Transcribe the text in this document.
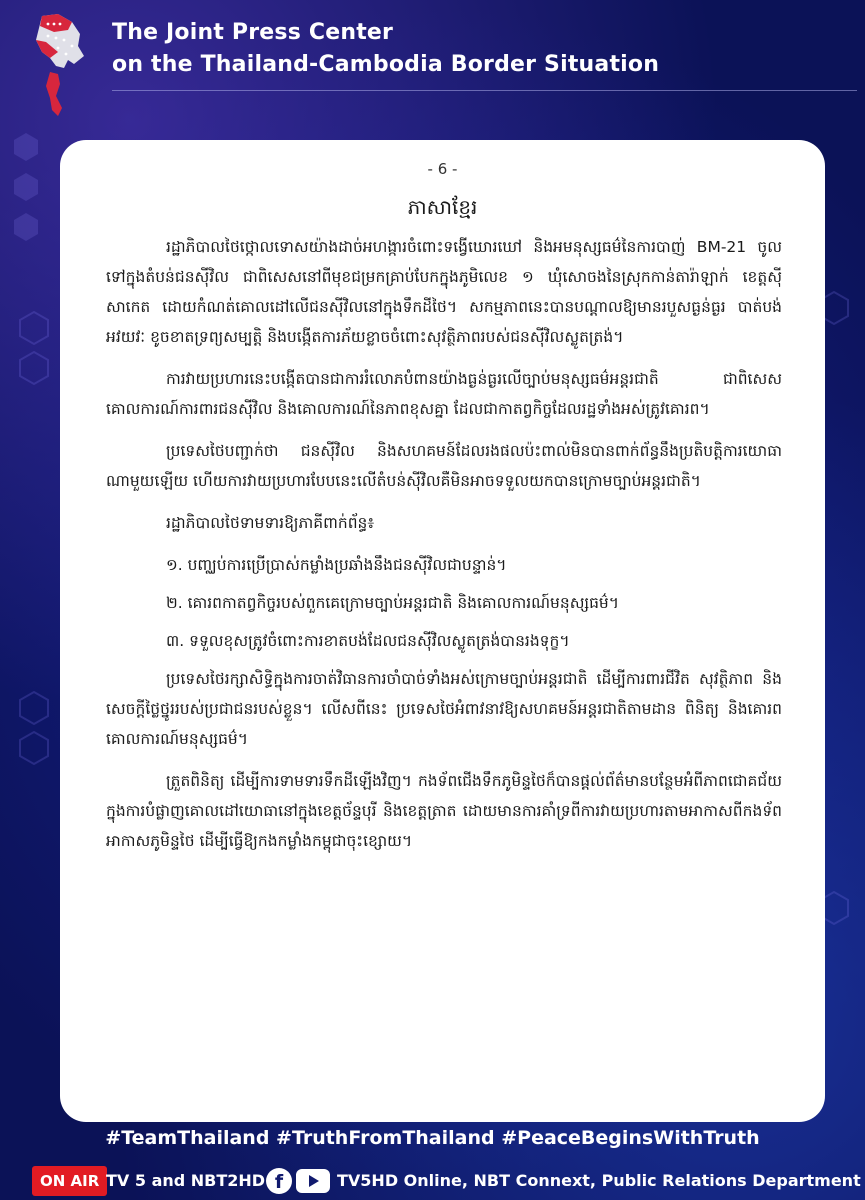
The Joint Press Center
on the Thailand-Cambodia Border Situation
- 6 -
ភាសាខ្មែរ

រដ្ឋាភិបាលថៃថ្កោលទោសយ៉ាងដាច់អហង្ការចំពោះទង្វើឃោរឃៅ និងអមនុស្សធម៌នៃការបាញ់ BM-21 ចូលទៅក្នុងតំបន់ជនស៊ីវិល ជាពិសេសនៅពីមុខជម្រកគ្រាប់បែកក្នុងភូមិលេខ ១ ឃុំសោចងនៃស្រុកកាន់តារ៉ាឡាក់ ខេត្តស៊ីសាកេត ដោយកំណត់គោលដៅលើជនស៊ីវិលនៅក្នុងទឹកដីថៃ។ សកម្មភាពនេះបានបណ្តាលឱ្យមានរបួសធ្ងន់ធ្ងរ បាត់បង់អវយវៈ ខូចខាតទ្រព្យសម្បត្តិ និងបង្កើតការភ័យខ្លាចចំពោះសុវត្ថិភាពរបស់ជនស៊ីវិលស្លូតត្រង់។

ការវាយប្រហារនេះបង្កើតបានជាការរំលោភបំពានយ៉ាងធ្ងន់ធ្ងរលើច្បាប់មនុស្សធម៌អន្តរជាតិ ជាពិសេសគោលការណ៍ការពារជនស៊ីវិល និងគោលការណ៍នៃភាពខុសគ្នា ដែលជាកាតព្វកិច្ចដែលរដ្ឋទាំងអស់ត្រូវគោរព។

ប្រទេសថៃបញ្ជាក់ថា ជនស៊ីវិល និងសហគមន៍ដែលរងផលប៉ះពាល់មិនបានពាក់ព័ន្ធនឹងប្រតិបត្តិការយោធាណាមួយឡើយ ហើយការវាយប្រហារបែបនេះលើតំបន់ស៊ីវិលគឺមិនអាចទទួលយកបានក្រោមច្បាប់អន្តរជាតិ។

រដ្ឋាភិបាលថៃទាមទារឱ្យភាគីពាក់ព័ន្ធ៖

១. បញ្ឈប់ការប្រើប្រាស់កម្លាំងប្រឆាំងនឹងជនស៊ីវិលជាបន្ទាន់។

២. គោរពកាតព្វកិច្ចរបស់ពួកគេក្រោមច្បាប់អន្តរជាតិ និងគោលការណ៍មនុស្សធម៌។

៣. ទទួលខុសត្រូវចំពោះការខាតបង់ដែលជនស៊ីវិលស្លូតត្រង់បានរងទុក្ខ។

ប្រទេសថៃរក្សាសិទ្ធិក្នុងការចាត់វិធានការចាំបាច់ទាំងអស់ក្រោមច្បាប់អន្តរជាតិ ដើម្បីការពារជីវិត សុវត្ថិភាព និងសេចក្តីថ្លៃថ្នូររបស់ប្រជាជនរបស់ខ្លួន។ លើសពីនេះ ប្រទេសថៃអំពាវនាវឱ្យសហគមន៍អន្តរជាតិតាមដាន ពិនិត្យ និងគោរពគោលការណ៍មនុស្សធម៌។

ត្រួតពិនិត្យ ដើម្បីការទាមទារទឹកដីឡើងវិញ។ កងទ័ពជើងទឹកភូមិន្ទថៃក៏បានផ្តល់ព័ត៌មានបន្ថែមអំពីភាពជោគជ័យក្នុងការបំផ្លាញគោលដៅយោធានៅក្នុងខេត្តច័ន្ទបុរី និងខេត្តត្រាត ដោយមានការគាំទ្រពីការវាយប្រហារតាមអាកាសពីកងទ័ពអាកាសភូមិន្ទថៃ ដើម្បីធ្វើឱ្យកងកម្លាំងកម្ពុជាចុះខ្សោយ។

#TeamThailand #TruthFromThailand #PeaceBeginsWithTruth
ON AIR TV 5 and NBT2HD f	TV5HD Online, NBT Connext, Public Relations Department
